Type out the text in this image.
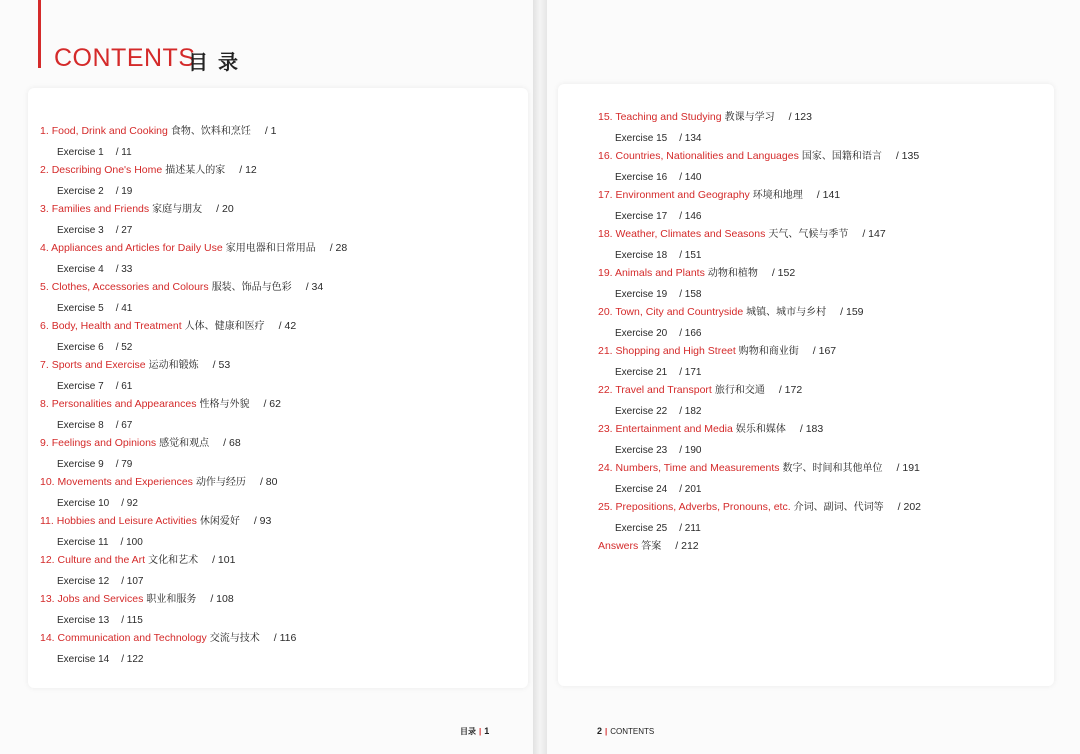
CONTENTS
目录
1. Food, Drink and Cooking 食物、饮料和烹饪 / 1
Exercise 1 / 11
2. Describing One's Home 描述某人的家 / 12
Exercise 2 / 19
3. Families and Friends 家庭与朋友 / 20
Exercise 3 / 27
4. Appliances and Articles for Daily Use 家用电器和日常用品 / 28
Exercise 4 / 33
5. Clothes, Accessories and Colours 服装、饰品与色彩 / 34
Exercise 5 / 41
6. Body, Health and Treatment 人体、健康和医疗 / 42
Exercise 6 / 52
7. Sports and Exercise 运动和锻炼 / 53
Exercise 7 / 61
8. Personalities and Appearances 性格与外貌 / 62
Exercise 8 / 67
9. Feelings and Opinions 感觉和观点 / 68
Exercise 9 / 79
10. Movements and Experiences 动作与经历 / 80
Exercise 10 / 92
11. Hobbies and Leisure Activities 休闲爱好 / 93
Exercise 11 / 100
12. Culture and the Art 文化和艺术 / 101
Exercise 12 / 107
13. Jobs and Services 职业和服务 / 108
Exercise 13 / 115
14. Communication and Technology 交流与技术 / 116
Exercise 14 / 122
15. Teaching and Studying 教课与学习 / 123
Exercise 15 / 134
16. Countries, Nationalities and Languages 国家、国籍和语言 / 135
Exercise 16 / 140
17. Environment and Geography 环境和地理 / 141
Exercise 17 / 146
18. Weather, Climates and Seasons 天气、气候与季节 / 147
Exercise 18 / 151
19. Animals and Plants 动物和植物 / 152
Exercise 19 / 158
20. Town, City and Countryside 城镇、城市与乡村 / 159
Exercise 20 / 166
21. Shopping and High Street 购物和商业街 / 167
Exercise 21 / 171
22. Travel and Transport 旅行和交通 / 172
Exercise 22 / 182
23. Entertainment and Media 娱乐和媒体 / 183
Exercise 23 / 190
24. Numbers, Time and Measurements 数字、时间和其他单位 / 191
Exercise 24 / 201
25. Prepositions, Adverbs, Pronouns, etc. 介词、副词、代词等 / 202
Exercise 25 / 211
Answers 答案 / 212
目录 | 1	2 | CONTENTS
